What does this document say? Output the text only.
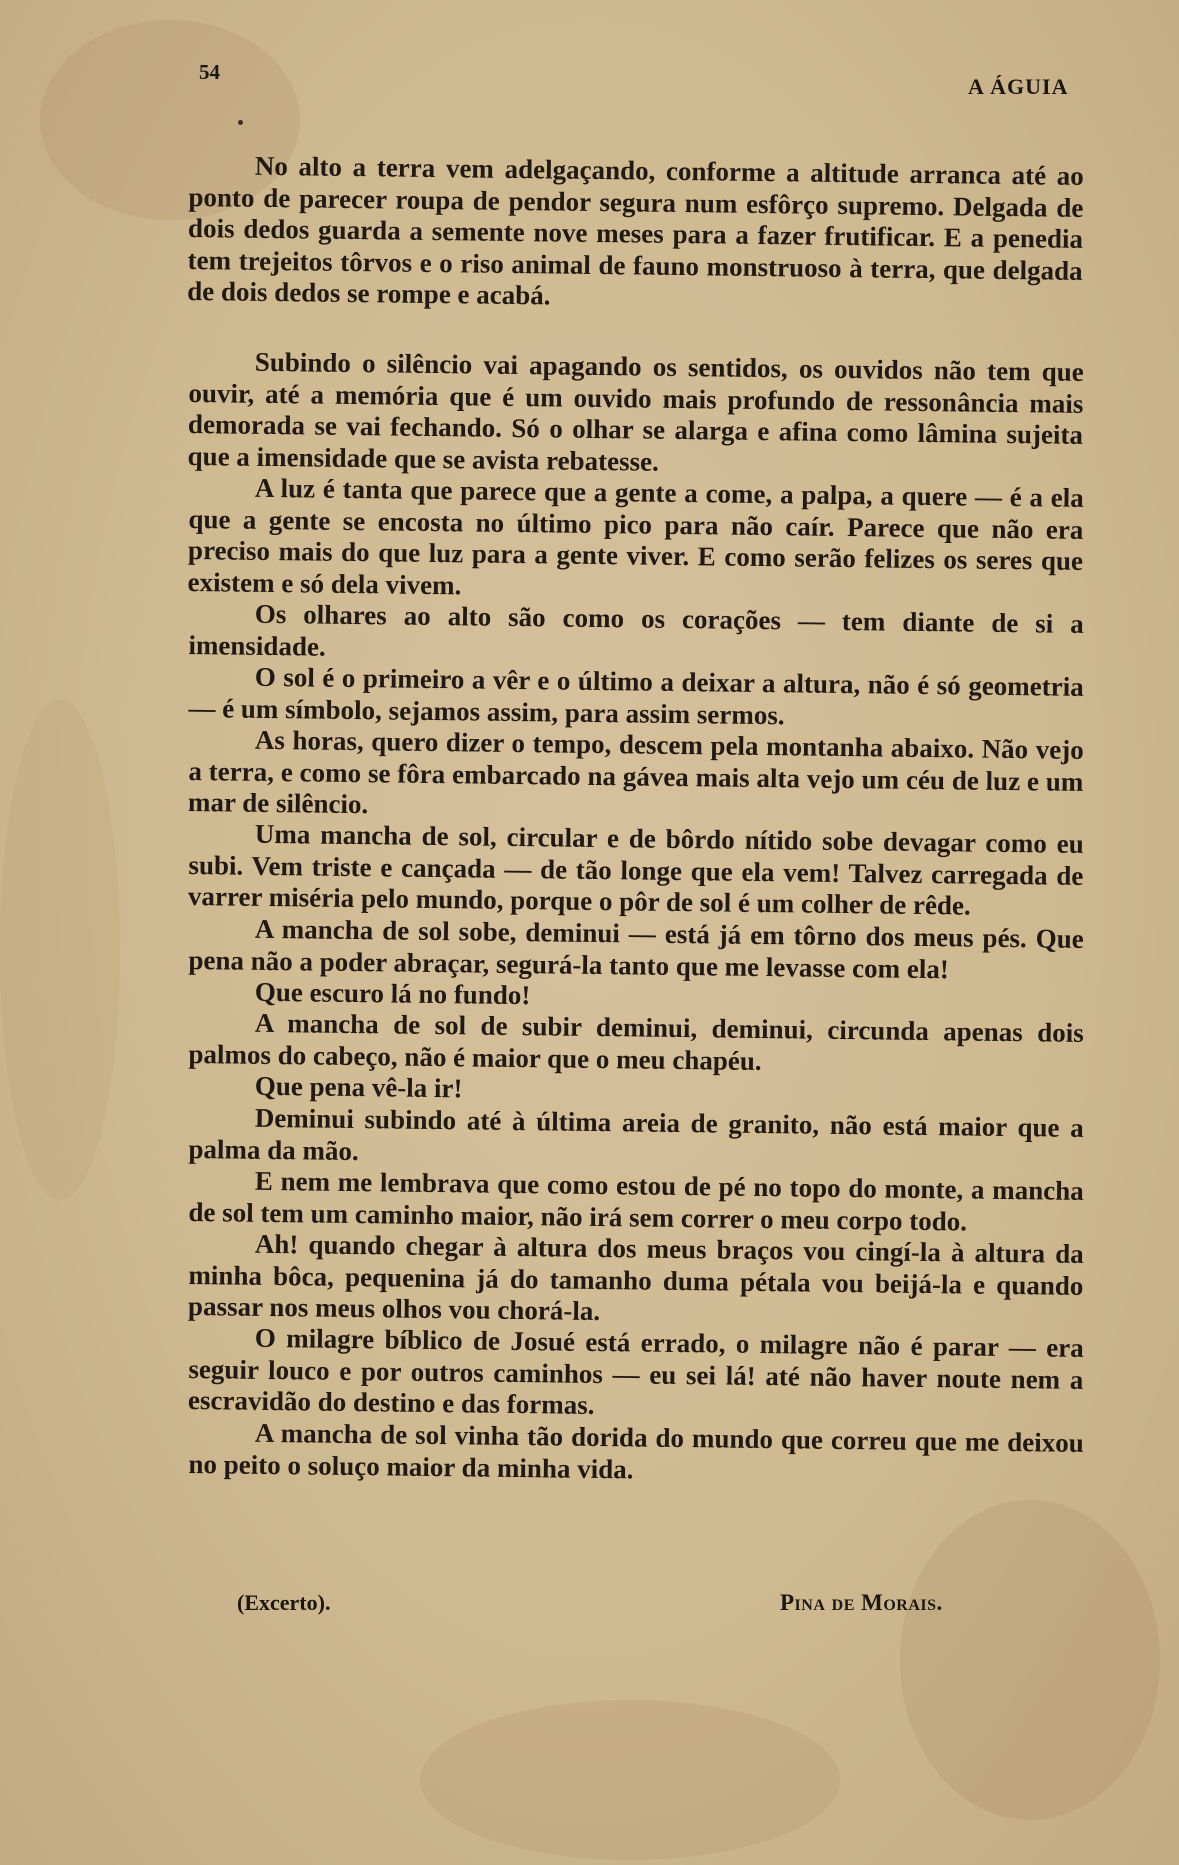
54
A ÁGUIA

No alto a terra vem adelgaçando, conforme a altitude arranca até ao ponto de parecer roupa de pendor segura num esfôrço supremo. Delgada de dois dedos guarda a semente nove meses para a fazer frutificar. E a penedia tem trejeitos tôrvos e o riso animal de fauno monstruoso à terra, que delgada de dois dedos se rompe e acabá.

Subindo o silêncio vai apagando os sentidos, os ouvidos não tem que ouvir, até a memória que é um ouvido mais profundo de ressonância mais demorada se vai fechando. Só o olhar se alarga e afina como lâmina sujeita que a imensidade que se avista rebatesse.

A luz é tanta que parece que a gente a come, a palpa, a quere — é a ela que a gente se encosta no último pico para não caír. Parece que não era preciso mais do que luz para a gente viver. E como serão felizes os seres que existem e só dela vivem.

Os olhares ao alto são como os corações — tem diante de si a imensidade.

O sol é o primeiro a vêr e o último a deixar a altura, não é só geometria — é um símbolo, sejamos assim, para assim sermos.

As horas, quero dizer o tempo, descem pela montanha abaixo. Não vejo a terra, e como se fôra embarcado na gávea mais alta vejo um céu de luz e um mar de silêncio.

Uma mancha de sol, circular e de bôrdo nítido sobe devagar como eu subi. Vem triste e cançada — de tão longe que ela vem! Talvez carregada de varrer miséria pelo mundo, porque o pôr de sol é um colher de rêde.

A mancha de sol sobe, deminui — está já em tôrno dos meus pés. Que pena não a poder abraçar, segurá-la tanto que me levasse com ela!

Que escuro lá no fundo!

A mancha de sol de subir deminui, deminui, circunda apenas dois palmos do cabeço, não é maior que o meu chapéu.

Que pena vê-la ir!

Deminui subindo até à última areia de granito, não está maior que a palma da mão.

E nem me lembrava que como estou de pé no topo do monte, a mancha de sol tem um caminho maior, não irá sem correr o meu corpo todo.

Ah! quando chegar à altura dos meus braços vou cingí-la à altura da minha bôca, pequenina já do tamanho duma pétala vou beijá-la e quando passar nos meus olhos vou chorá-la.

O milagre bíblico de Josué está errado, o milagre não é parar — era seguir louco e por outros caminhos — eu sei lá! até não haver noute nem a escravidão do destino e das formas.

A mancha de sol vinha tão dorida do mundo que correu que me deixou no peito o soluço maior da minha vida.

(Excerto).	Pina de Morais.
